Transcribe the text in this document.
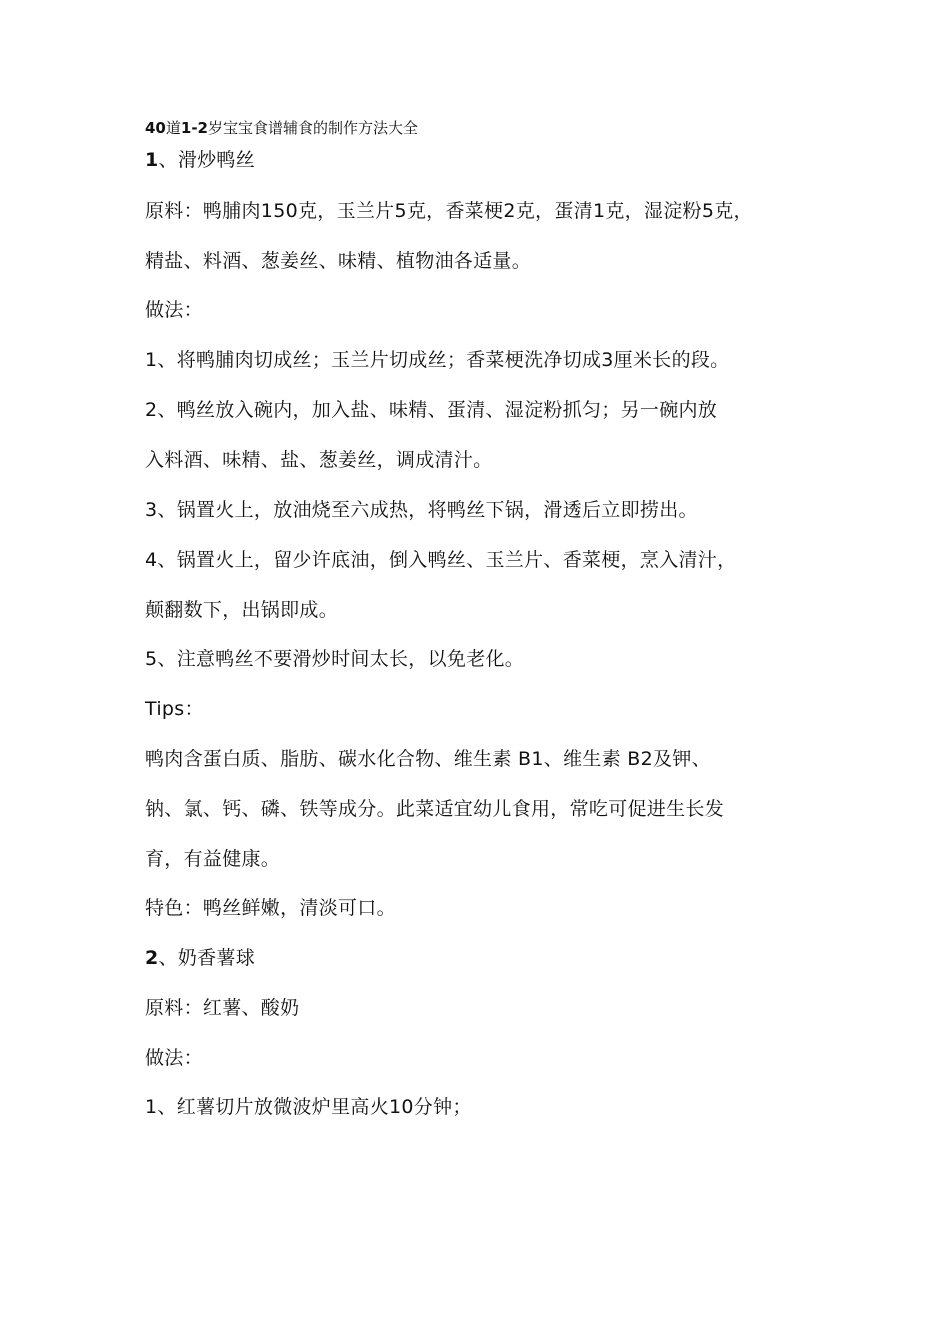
40道1-2岁宝宝食谱辅食的制作方法大全
1、滑炒鸭丝
原料：鸭脯肉150克，玉兰片5克，香菜梗2克，蛋清1克，湿淀粉5克，
精盐、料酒、葱姜丝、味精、植物油各适量。
做法：
1、将鸭脯肉切成丝；玉兰片切成丝；香菜梗洗净切成3厘米长的段。
2、鸭丝放入碗内，加入盐、味精、蛋清、湿淀粉抓匀；另一碗内放
入料酒、味精、盐、葱姜丝，调成清汁。
3、锅置火上，放油烧至六成热，将鸭丝下锅，滑透后立即捞出。
4、锅置火上，留少许底油，倒入鸭丝、玉兰片、香菜梗，烹入清汁，
颠翻数下，出锅即成。
5、注意鸭丝不要滑炒时间太长，以免老化。
Tips：
鸭肉含蛋白质、脂肪、碳水化合物、维生素 B1、维生素 B2及钾、
钠、氯、钙、磷、铁等成分。此菜适宜幼儿食用，常吃可促进生长发
育，有益健康。
特色：鸭丝鲜嫩，清淡可口。
2、奶香薯球
原料：红薯、酸奶
做法：
1、红薯切片放微波炉里高火10分钟；
